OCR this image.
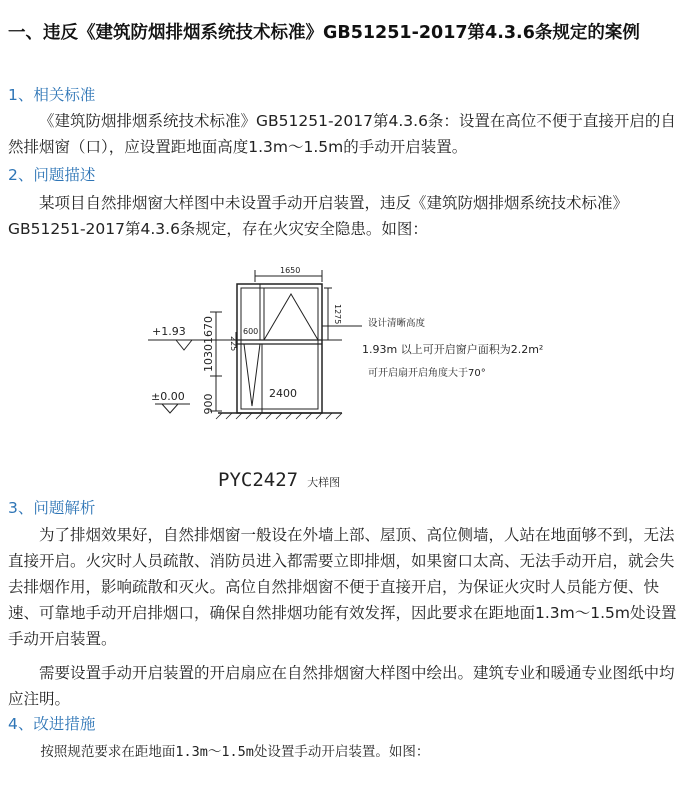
一、违反《建筑防烟排烟系统技术标准》GB51251-2017第4.3.6条规定的案例
1、相关标准

《建筑防烟排烟系统技术标准》GB51251-2017第4.3.6条：设置在高位不便于直接开启的自然排烟窗（口），应设置距地面高度1.3m～1.5m的手动开启装置。

2、问题描述

某项目自然排烟窗大样图中未设置手动开启装置，违反《建筑防烟排烟系统技术标准》GB51251-2017第4.3.6条规定，存在火灾安全隐患。如图：

1650
600
1275
225
1670
1030
900
+1.93
±0.00	2400
设计清晰高度
1.93m 以上可开启窗户面积为2.2m²
可开启扇开启角度大于70°
PYC2427 大样图
3、问题解析

为了排烟效果好，自然排烟窗一般设在外墙上部、屋顶、高位侧墙，人站在地面够不到，无法直接开启。火灾时人员疏散、消防员进入都需要立即排烟，如果窗口太高、无法手动开启，就会失去排烟作用，影响疏散和灭火。高位自然排烟窗不便于直接开启，为保证火灾时人员能方便、快速、可靠地手动开启排烟口，确保自然排烟功能有效发挥，因此要求在距地面1.3m～1.5m处设置手动开启装置。

需要设置手动开启装置的开启扇应在自然排烟窗大样图中绘出。建筑专业和暖通专业图纸中均应注明。

4、改进措施
按照规范要求在距地面1.3m～1.5m处设置手动开启装置。如图：
